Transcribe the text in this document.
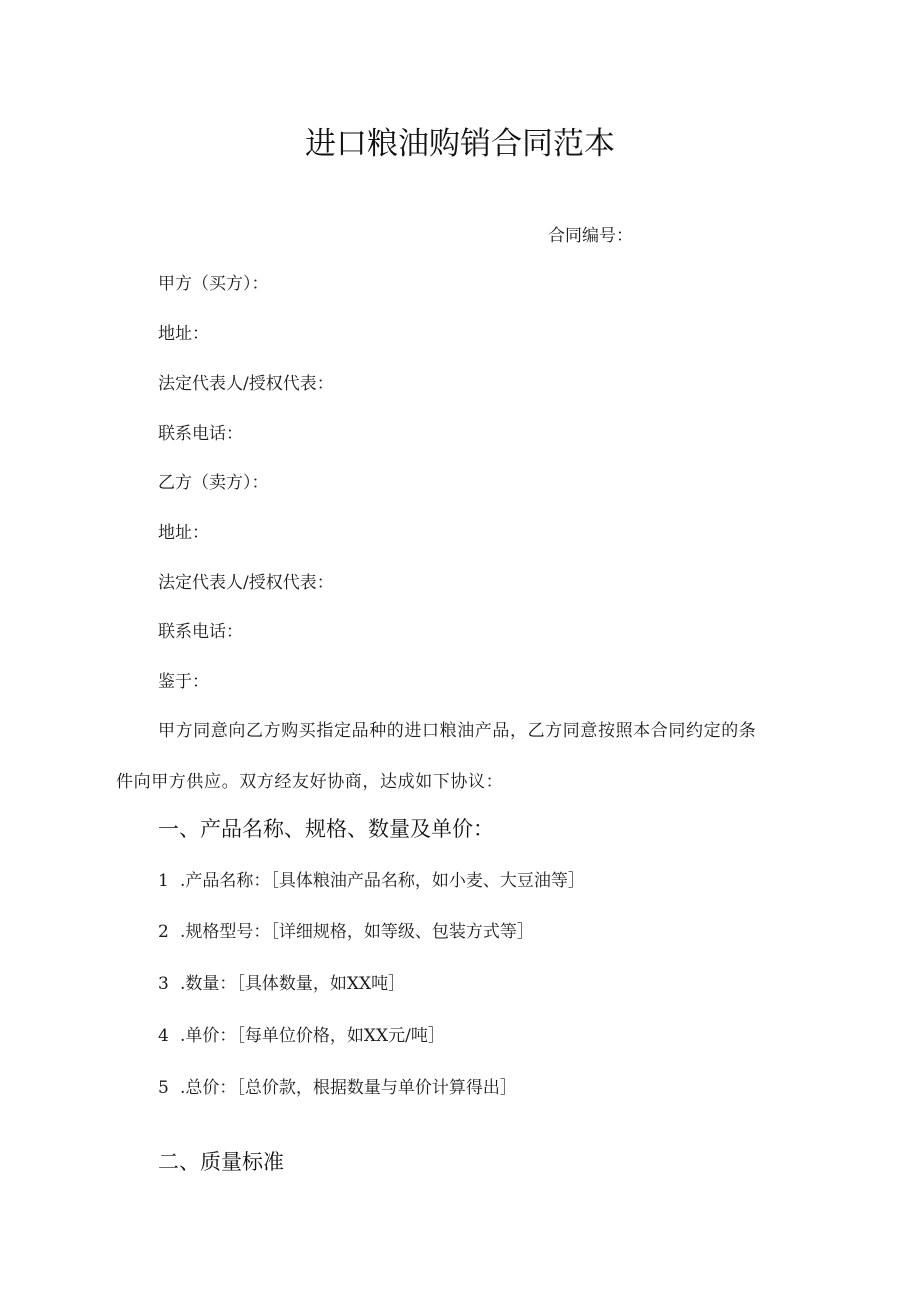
进口粮油购销合同范本

合同编号：

甲方（买方）：

地址：

法定代表人/授权代表：

联系电话：

乙方（卖方）：

地址：

法定代表人/授权代表：

联系电话：

鉴于：

甲方同意向乙方购买指定品种的进口粮油产品，乙方同意按照本合同约定的条

件向甲方供应。双方经友好协商，达成如下协议：

一、产品名称、规格、数量及单价：

1 .产品名称：［具体粮油产品名称，如小麦、大豆油等］

2 .规格型号：［详细规格，如等级、包装方式等］

3 .数量：［具体数量，如XX吨］

4 .单价：［每单位价格，如XX元/吨］

5 .总价：［总价款，根据数量与单价计算得出］

二、质量标准
